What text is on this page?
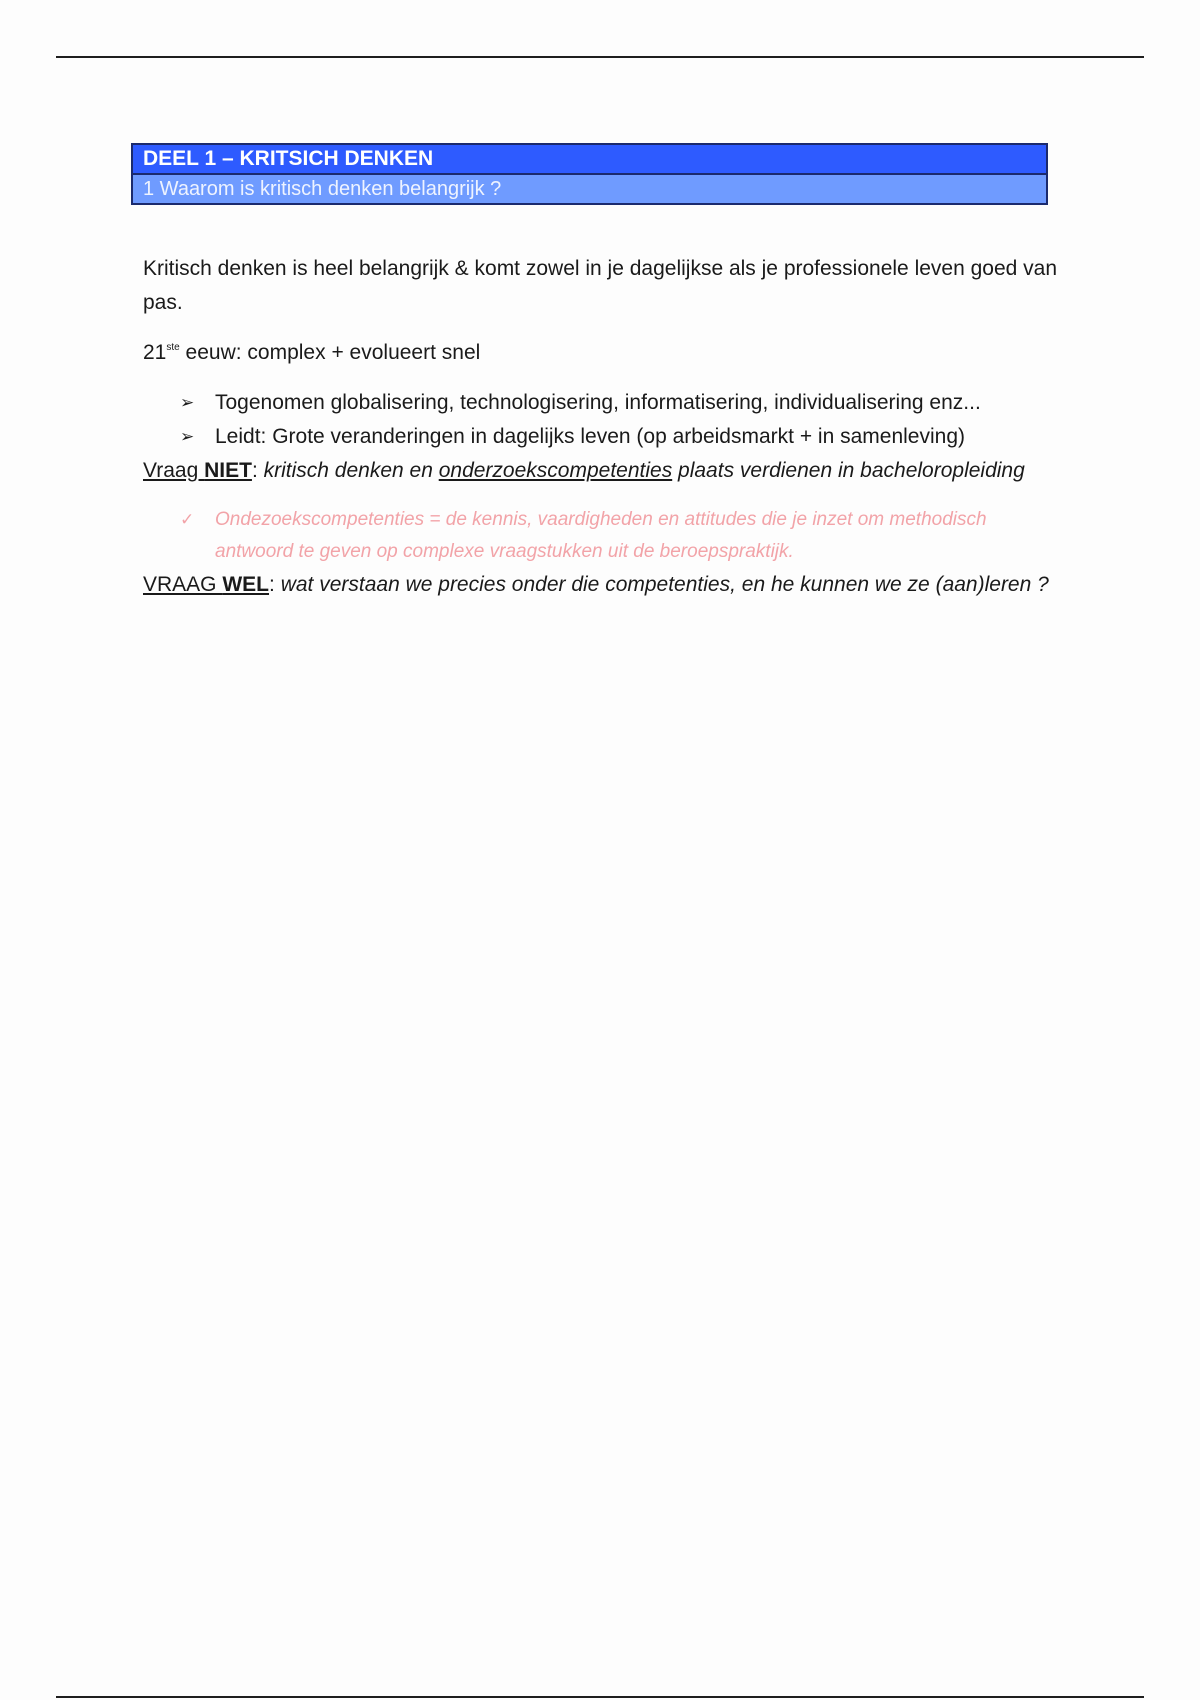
DEEL 1 – KRITSICH DENKEN
1 Waarom is kritisch denken belangrijk ?

Kritisch denken is heel belangrijk & komt zowel in je dagelijkse als je professionele leven goed van pas.

21ste eeuw: complex + evolueert snel

➢ Togenomen globalisering, technologisering, informatisering, individualisering enz...
➢ Leidt: Grote veranderingen in dagelijks leven (op arbeidsmarkt + in samenleving)

Vraag NIET: kritisch denken en onderzoekscompetenties plaats verdienen in bacheloropleiding

✓ Ondezoekscompetenties = de kennis, vaardigheden en attitudes die je inzet om methodisch antwoord te geven op complexe vraagstukken uit de beroepspraktijk.

VRAAG WEL: wat verstaan we precies onder die competenties, en he kunnen we ze (aan)leren ?
